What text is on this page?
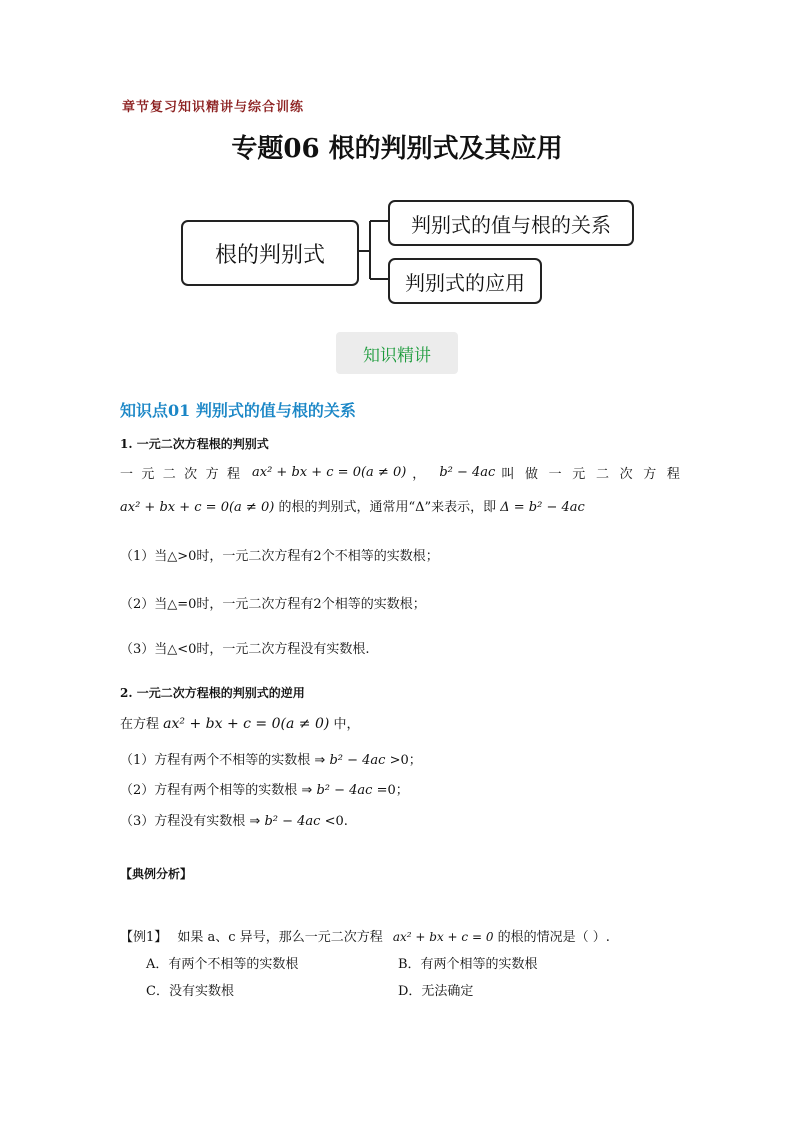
章节复习知识精讲与综合训练
专题06 根的判别式及其应用
根的判别式
判别式的值与根的关系
判别式的应用
知识精讲
知识点01 判别式的值与根的关系
1. 一元二次方程根的判别式
一 元 二 次 方 程 ax² + bx + c = 0(a ≠ 0) ， b² − 4ac 叫 做 一 元 二 次 方 程
ax² + bx + c = 0(a ≠ 0) 的根的判别式，通常用“Δ”来表示，即 Δ = b² − 4ac
（1）当△>0时，一元二次方程有2个不相等的实数根；
（2）当△=0时，一元二次方程有2个相等的实数根；
（3）当△<0时，一元二次方程没有实数根.
2. 一元二次方程根的判别式的逆用
在方程 ax² + bx + c = 0(a ≠ 0) 中，
（1）方程有两个不相等的实数根 ⇒ b² − 4ac >0；
（2）方程有两个相等的实数根 ⇒ b² − 4ac =0；
（3）方程没有实数根 ⇒ b² − 4ac <0.
【典例分析】
【例1】 如果 a、c 异号，那么一元二次方程 ax² + bx + c = 0 的根的情况是（ ）.
A．有两个不相等的实数根	B．有两个相等的实数根
C．没有实数根	D．无法确定
